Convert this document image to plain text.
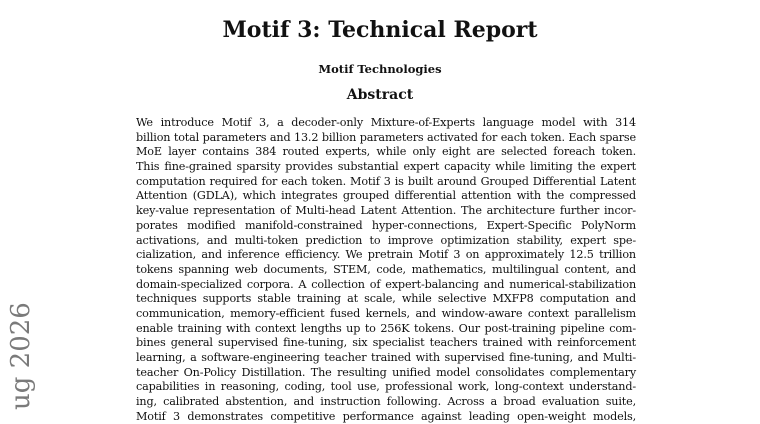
Motif 3: Technical Report
Motif Technologies
Abstract
We introduce Motif 3, a decoder-only Mixture-of-Experts language model with 314
billion total parameters and 13.2 billion parameters activated for each token. Each sparse
MoE layer contains 384 routed experts, while only eight are selected foreach token.
This fine-grained sparsity provides substantial expert capacity while limiting the expert
computation required for each token. Motif 3 is built around Grouped Differential Latent
Attention (GDLA), which integrates grouped differential attention with the compressed
key-value representation of Multi-head Latent Attention. The architecture further incor-
porates modified manifold-constrained hyper-connections, Expert-Specific PolyNorm
activations, and multi-token prediction to improve optimization stability, expert spe-
cialization, and inference efficiency. We pretrain Motif 3 on approximately 12.5 trillion
tokens spanning web documents, STEM, code, mathematics, multilingual content, and
domain-specialized corpora. A collection of expert-balancing and numerical-stabilization
techniques supports stable training at scale, while selective MXFP8 computation and
communication, memory-efficient fused kernels, and window-aware context parallelism
enable training with context lengths up to 256K tokens. Our post-training pipeline com-
bines general supervised fine-tuning, six specialist teachers trained with reinforcement
learning, a software-engineering teacher trained with supervised fine-tuning, and Multi-
teacher On-Policy Distillation. The resulting unified model consolidates complementary
capabilities in reasoning, coding, tool use, professional work, long-context understand-
ing, calibrated abstention, and instruction following. Across a broad evaluation suite,
Motif 3 demonstrates competitive performance against leading open-weight models,
ug 2026
